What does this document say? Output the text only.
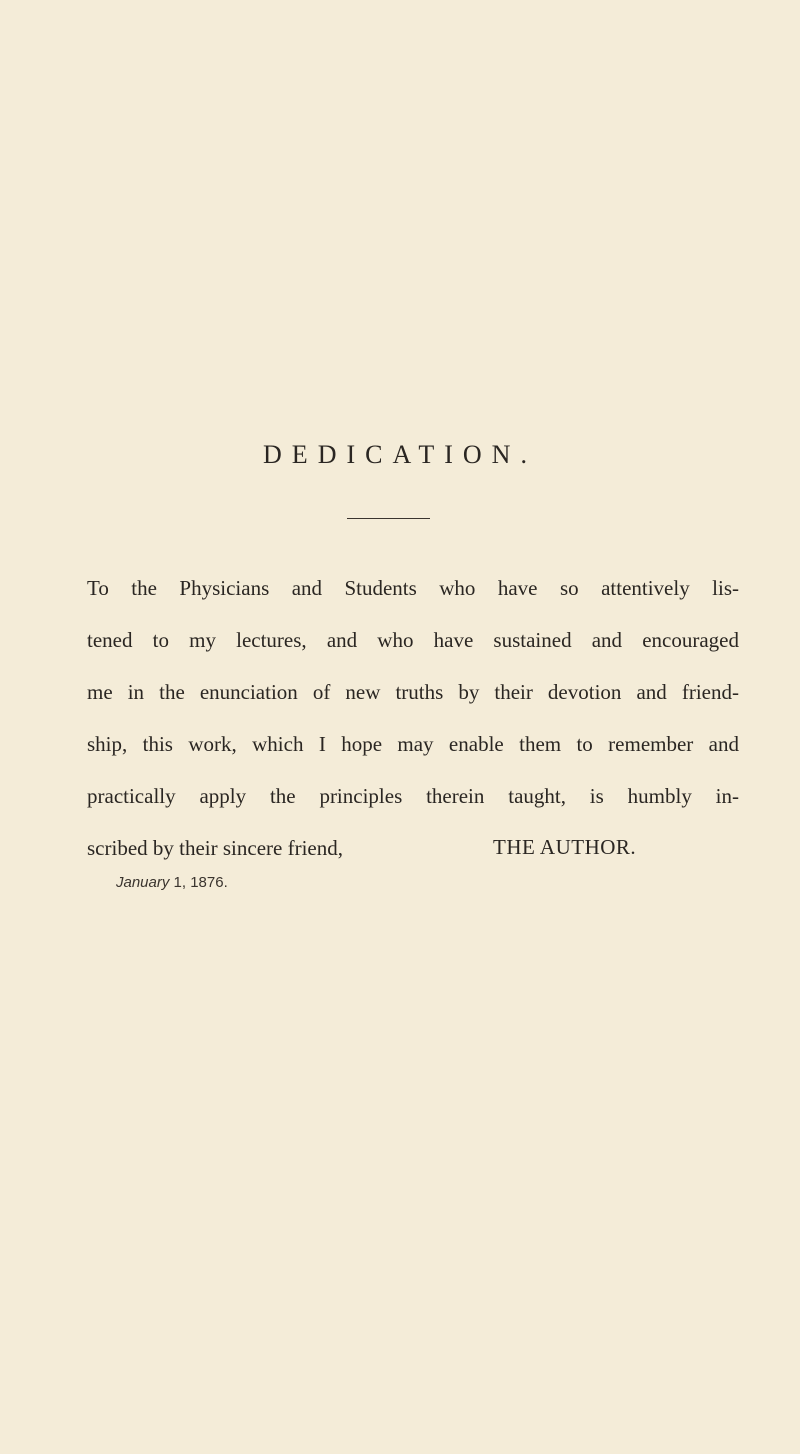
DEDICATION.
To the Physicians and Students who have so attentively lis-
tened to my lectures, and who have sustained and encouraged
me in the enunciation of new truths by their devotion and friend-
ship, this work, which I hope may enable them to remember and
practically apply the principles therein taught, is humbly in-
scribed by their sincere friend,	THE AUTHOR.

January 1, 1876.
